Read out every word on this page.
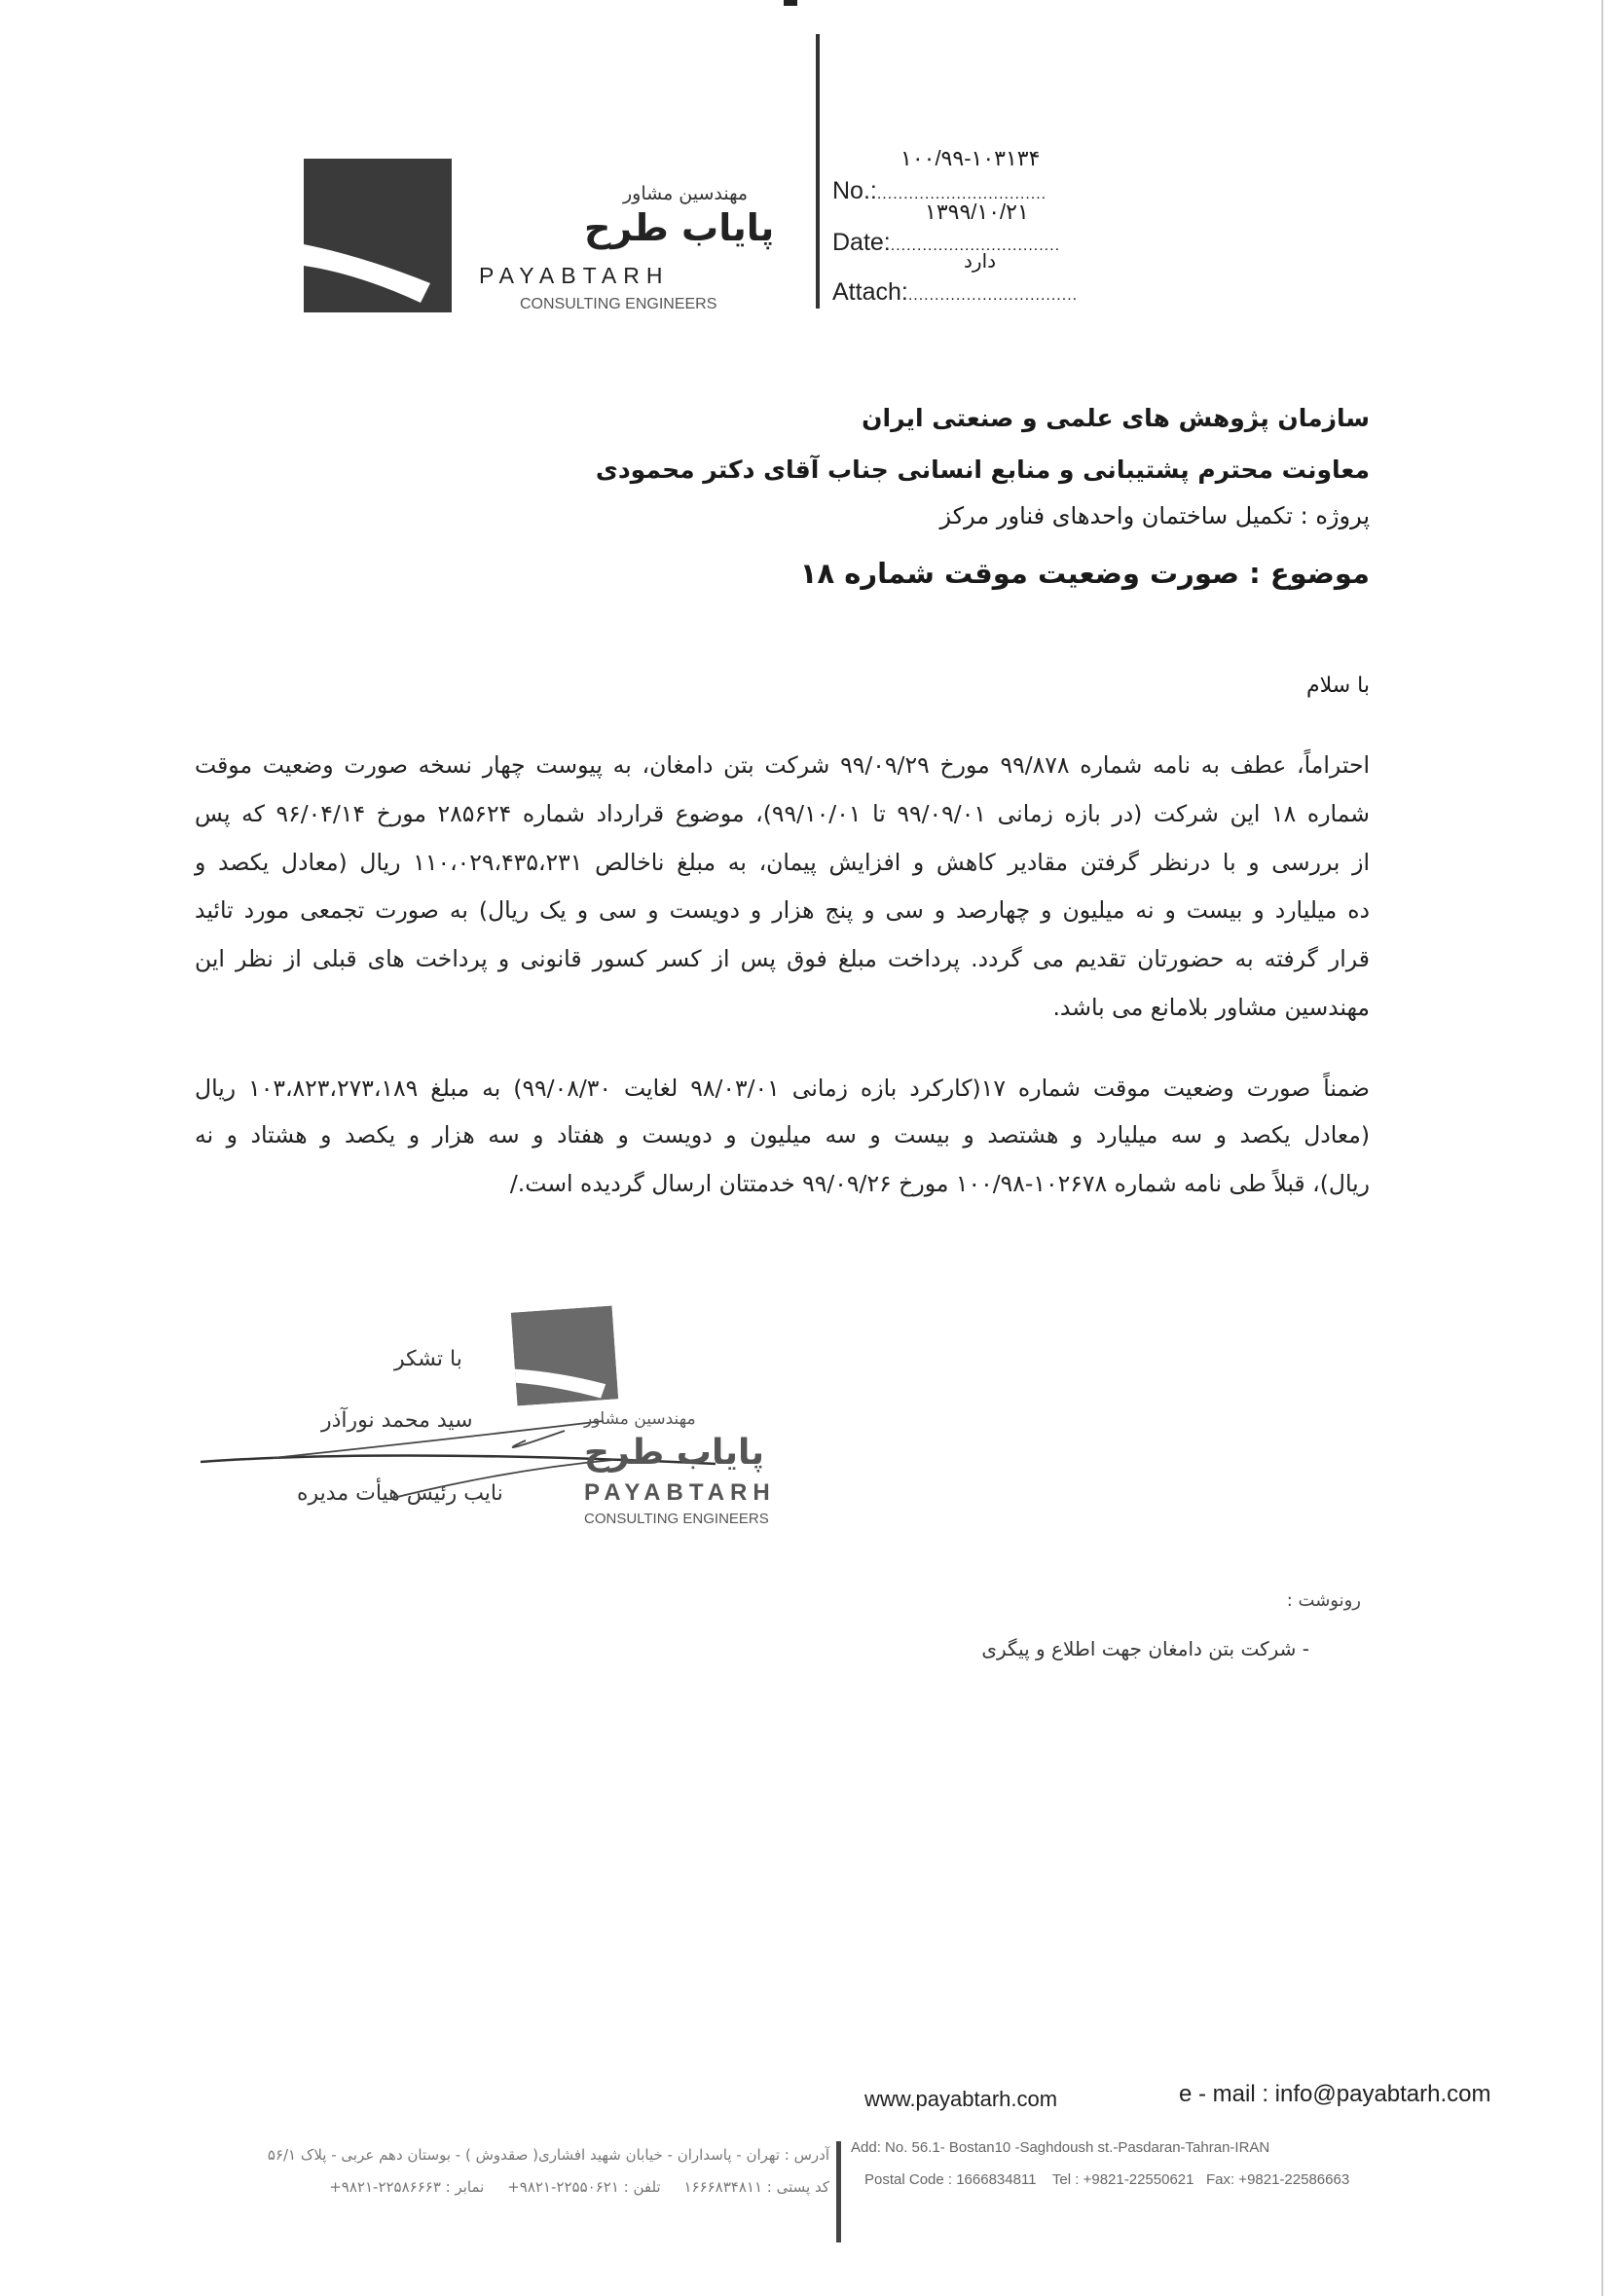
مهندسین مشاور
پایاب طرح
PAYABTARH
CONSULTING ENGINEERS
۱۰۰/۹۹-۱۰۳۱۳۴
No.:................................
۱۳۹۹/۱۰/۲۱
Date:................................
دارد
Attach:................................
سازمان پژوهش های علمی و صنعتی ایران
معاونت محترم پشتیبانی و منابع انسانی جناب آقای دکتر محمودی
پروژه : تکمیل ساختمان واحدهای فناور مرکز
موضوع : صورت وضعیت موقت شماره ۱۸
با سلام
احتراماً، عطف به نامه شماره ۹۹/۸۷۸ مورخ ۹۹/۰۹/۲۹ شرکت بتن دامغان، به پیوست چهار نسخه صورت وضعیت موقت
شماره ۱۸ این شرکت (در بازه زمانی ۹۹/۰۹/۰۱ تا ۹۹/۱۰/۰۱)، موضوع قرارداد شماره ۲۸۵۶۲۴ مورخ ۹۶/۰۴/۱۴ که پس
از بررسی و با درنظر گرفتن مقادیر کاهش و افزایش پیمان، به مبلغ ناخالص ۱۱۰،۰۲۹،۴۳۵،۲۳۱ ریال (معادل یکصد و
ده میلیارد و بیست و نه میلیون و چهارصد و سی و پنج هزار و دویست و سی و یک ریال) به صورت تجمعی مورد تائید
قرار گرفته به حضورتان تقدیم می گردد. پرداخت مبلغ فوق پس از کسر کسور قانونی و پرداخت های قبلی از نظر این
مهندسین مشاور بلامانع می باشد.
ضمناً صورت وضعیت موقت شماره ۱۷(کارکرد بازه زمانی ۹۸/۰۳/۰۱ لغایت ۹۹/۰۸/۳۰) به مبلغ ۱۰۳،۸۲۳،۲۷۳،۱۸۹ ریال
(معادل یکصد و سه میلیارد و هشتصد و بیست و سه میلیون و دویست و هفتاد و سه هزار و یکصد و هشتاد و نه
ریال)، قبلاً طی نامه شماره ۱۰۲۶۷۸-۱۰۰/۹۸ مورخ ۹۹/۰۹/۲۶ خدمتتان ارسال گردیده است./
با تشکر
سید محمد نورآذر
نایب رئیس هیأت مدیره
مهندسین مشاور
پایاب طرح
PAYABTARH
CONSULTING ENGINEERS
رونوشت :
- شرکت بتن دامغان جهت اطلاع و پیگری
www.payabtarh.com	e - mail : info@payabtarh.com
Add: No. 56.1- Bostan10 -Saghdoush st.-Pasdaran-Tahran-IRAN
Postal Code : 1666834811    Tel : +9821-22550621   Fax: +9821-22586663
آدرس : تهران - پاسداران - خیابان شهید افشاری( صقدوش ) - بوستان دهم عربی - پلاک ۵۶/۱
کد پستی : ۱۶۶۶۸۳۴۸۱۱     تلفن : ۲۲۵۵۰۶۲۱-۹۸۲۱+     نمابر : ۲۲۵۸۶۶۶۳-۹۸۲۱+
